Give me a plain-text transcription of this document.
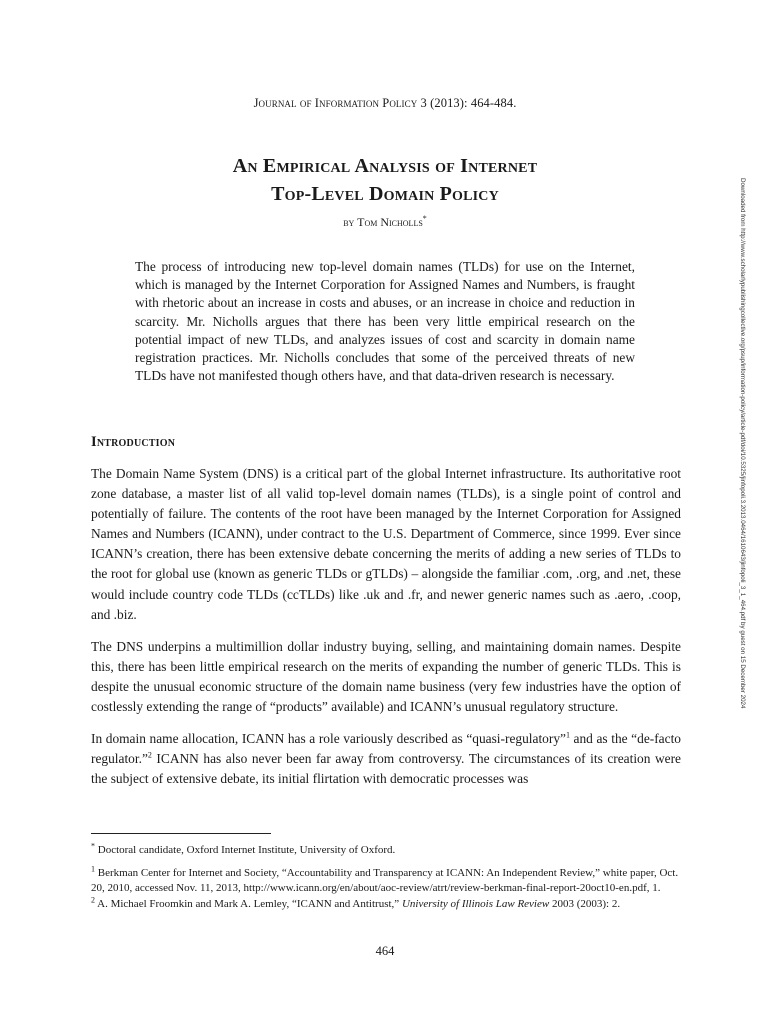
Journal of Information Policy 3 (2013): 464-484.
An Empirical Analysis of Internet
Top-Level Domain Policy
by Tom Nicholls*
The process of introducing new top-level domain names (TLDs) for use on the Internet, which is managed by the Internet Corporation for Assigned Names and Numbers, is fraught with rhetoric about an increase in costs and abuses, or an increase in choice and reduction in scarcity. Mr. Nicholls argues that there has been very little empirical research on the potential impact of new TLDs, and analyzes issues of cost and scarcity in domain name registration practices. Mr. Nicholls concludes that some of the perceived threats of new TLDs have not manifested though others have, and that data-driven research is necessary.
Introduction

The Domain Name System (DNS) is a critical part of the global Internet infrastructure. Its authoritative root zone database, a master list of all valid top-level domain names (TLDs), is a single point of control and potentially of failure. The contents of the root have been managed by the Internet Corporation for Assigned Names and Numbers (ICANN), under contract to the U.S. Department of Commerce, since 1999. Ever since ICANN’s creation, there has been extensive debate concerning the merits of adding a new series of TLDs to the root for global use (known as generic TLDs or gTLDs) – alongside the familiar .com, .org, and .net, these would include country code TLDs (ccTLDs) like .uk and .fr, and newer generic names such as .aero, .coop, and .biz.

The DNS underpins a multimillion dollar industry buying, selling, and maintaining domain names. Despite this, there has been little empirical research on the merits of expanding the number of generic TLDs. This is despite the unusual economic structure of the domain name business (very few industries have the option of costlessly extending the range of “products” available) and ICANN’s unusual regulatory structure.

In domain name allocation, ICANN has a role variously described as “quasi-regulatory”$^1$ and as the “de-facto regulator.”$^2$ ICANN has also never been far away from controversy. The circumstances of its creation were the subject of extensive debate, its initial flirtation with democratic processes was

* Doctoral candidate, Oxford Internet Institute, University of Oxford.
$^1$ Berkman Center for Internet and Society, “Accountability and Transparency at ICANN: An Independent Review,” white paper, Oct. 20, 2010, accessed Nov. 11, 2013, http://www.icann.org/en/about/aoc-review/atrt/review-berkman-final-report-20oct10-en.pdf, 1.
$^2$ A. Michael Froomkin and Mark A. Lemley, “ICANN and Antitrust,” University of Illinois Law Review 2003 (2003): 2.
464
Downloaded from http://www.scholarlypublishingcollective.org/psup/information-policy/article-pdf/doi/10.5325/jinfopoli.3.2013.0464/1610643/jinfopoli_3_1_464.pdf by guest on 15 December 2024
